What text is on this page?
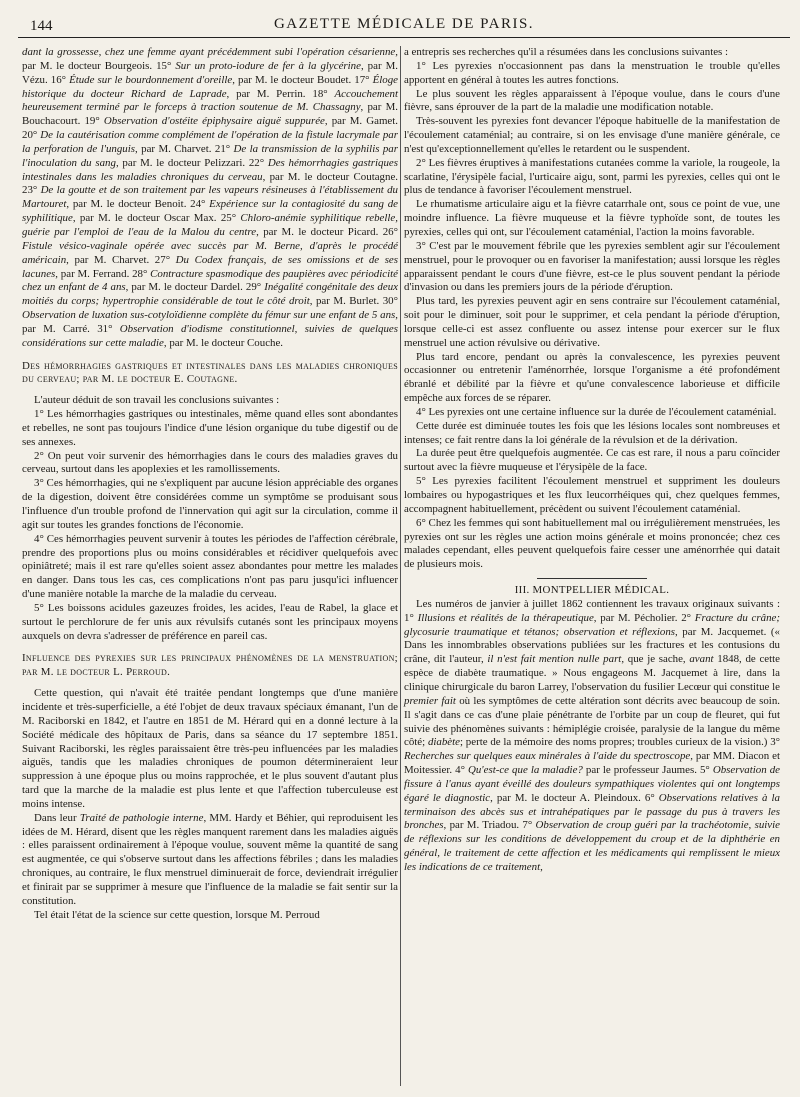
144	GAZETTE MÉDICALE DE PARIS.
dant la grossesse, chez une femme ayant précédemment subi l'opération césarienne, par M. le docteur Bourgeois. 15° Sur un proto-iodure de fer à la glycérine, par M. Vézu. 16° Étude sur le bourdonnement d'oreille, par M. le docteur Boudet. 17° Éloge historique du docteur Richard de Laprade, par M. Perrin. 18° Accouchement heureusement terminé par le forceps à traction soutenue de M. Chassagny, par M. Bouchacourt. 19° Observation d'ostéite épiphysaire aiguë suppurée, par M. Gamet. 20° De la cautérisation comme complément de l'opération de la fistule lacrymale par la perforation de l'unguis, par M. Charvet. 21° De la transmission de la syphilis par l'inoculation du sang, par M. le docteur Pelizzari. 22° Des hémorrhagies gastriques intestinales dans les maladies chroniques du cerveau, par M. le docteur Coutagne. 23° De la goutte et de son traitement par les vapeurs résineuses à l'établissement du Martouret, par M. le docteur Benoit. 24° Expérience sur la contagiosité du sang de syphilitique, par M. le docteur Oscar Max. 25° Chloro-anémie syphilitique rebelle, guérie par l'emploi de l'eau de la Malou du centre, par M. le docteur Picard. 26° Fistule vésico-vaginale opérée avec succès par M. Berne, d'après le procédé américain, par M. Charvet. 27° Du Codex français, de ses omissions et de ses lacunes, par M. Ferrand. 28° Contracture spasmodique des paupières avec périodicité chez un enfant de 4 ans, par M. le docteur Dardel. 29° Inégalité congénitale des deux moitiés du corps; hypertrophie considérable de tout le côté droit, par M. Burlet. 30° Observation de luxation sus-cotyloïdienne complète du fémur sur une enfant de 5 ans, par M. Carré. 31° Observation d'iodisme constitutionnel, suivies de quelques considérations sur cette maladie, par M. le docteur Couche.
Des hémorrhagies gastriques et intestinales dans les maladies chroniques du cerveau; par M. le docteur E. Coutagne.
L'auteur déduit de son travail les conclusions suivantes :
1° Les hémorrhagies gastriques ou intestinales, même quand elles sont abondantes et rebelles, ne sont pas toujours l'indice d'une lésion organique du tube digestif ou de ses annexes.
2° On peut voir survenir des hémorrhagies dans le cours des maladies graves du cerveau, surtout dans les apoplexies et les ramollissements.
3° Ces hémorrhagies, qui ne s'expliquent par aucune lésion appréciable des organes de la digestion, doivent être considérées comme un symptôme se produisant sous l'influence d'un trouble profond de l'innervation qui agit sur la circulation, comme il agit sur toutes les grandes fonctions de l'économie.
4° Ces hémorrhagies peuvent survenir à toutes les périodes de l'affection cérébrale, prendre des proportions plus ou moins considérables et récidiver quelquefois avec opiniâtreté; mais il est rare qu'elles soient assez abondantes pour mettre les malades en danger. Dans tous les cas, ces complications n'ont pas paru jusqu'ici influencer d'une manière notable la marche de la maladie du cerveau.
5° Les boissons acidules gazeuzes froides, les acides, l'eau de Rabel, la glace et surtout le perchlorure de fer unis aux révulsifs cutanés sont les principaux moyens auxquels on devra s'adresser de préférence en pareil cas.
Influence des pyrexies sur les principaux phénomènes de la menstruation; par M. le docteur L. Perroud.
Cette question, qui n'avait été traitée pendant longtemps que d'une manière incidente et très-superficielle, a été l'objet de deux travaux spéciaux émanant, l'un de M. Raciborski en 1842, et l'autre en 1851 de M. Hérard qui en a donné lecture à la Société médicale des hôpitaux de Paris, dans sa séance du 17 septembre 1851. Suivant Raciborski, les règles paraissaient être très-peu influencées par les maladies aiguës, tandis que les maladies chroniques de poumon détermineraient leur suppression à une époque plus ou moins rapprochée, et le plus souvent d'autant plus tard que la marche de la maladie est plus lente et que l'affection tuberculeuse est moins intense.
Dans leur Traité de pathologie interne, MM. Hardy et Béhier, qui reproduisent les idées de M. Hérard, disent que les règles manquent rarement dans les maladies aiguës : elles paraissent ordinairement à l'époque voulue, souvent même la quantité de sang est augmentée, ce qui s'observe surtout dans les affections fébriles ; dans les maladies chroniques, au contraire, le flux menstruel diminuerait de force, deviendrait irrégulier et finirait par se supprimer à mesure que l'influence de la maladie se fait sentir sur la constitution.
Tel était l'état de la science sur cette question, lorsque M. Perroud
a entrepris ses recherches qu'il a résumées dans les conclusions suivantes :
1° Les pyrexies n'occasionnent pas dans la menstruation le trouble qu'elles apportent en général à toutes les autres fonctions.
Le plus souvent les règles apparaissent à l'époque voulue, dans le cours d'une fièvre, sans éprouver de la part de la maladie une modification notable.
Très-souvent les pyrexies font devancer l'époque habituelle de la manifestation de l'écoulement cataménial; au contraire, si on les envisage d'une manière générale, ce n'est qu'exceptionnellement qu'elles le retardent ou le suspendent.
2° Les fièvres éruptives à manifestations cutanées comme la variole, la rougeole, la scarlatine, l'érysipèle facial, l'urticaire aigu, sont, parmi les pyrexies, celles qui ont le plus de tendance à favoriser l'écoulement menstruel.
Le rhumatisme articulaire aigu et la fièvre catarrhale ont, sous ce point de vue, une moindre influence. La fièvre muqueuse et la fièvre typhoïde sont, de toutes les pyrexies, celles qui ont, sur l'écoulement cataménial, l'action la moins favorable.
3° C'est par le mouvement fébrile que les pyrexies semblent agir sur l'écoulement menstruel, pour le provoquer ou en favoriser la manifestation; aussi lorsque les règles apparaissent pendant le cours d'une fièvre, est-ce le plus souvent pendant la période d'invasion ou dans les premiers jours de la période d'éruption.
Plus tard, les pyrexies peuvent agir en sens contraire sur l'écoulement cataménial, soit pour le diminuer, soit pour le supprimer, et cela pendant la période d'éruption, lorsque celle-ci est assez confluente ou assez intense pour exercer sur le flux menstruel une action révulsive ou dérivative.
Plus tard encore, pendant ou après la convalescence, les pyrexies peuvent occasionner ou entretenir l'aménorrhée, lorsque l'organisme a été profondément ébranlé et débilité par la fièvre et qu'une convalescence laborieuse et difficile empêche aux forces de se réparer.
4° Les pyrexies ont une certaine influence sur la durée de l'écoulement cataménial.
Cette durée est diminuée toutes les fois que les lésions locales sont nombreuses et intenses; ce fait rentre dans la loi générale de la révulsion et de la dérivation.
La durée peut être quelquefois augmentée. Ce cas est rare, il nous a paru coïncider surtout avec la fièvre muqueuse et l'érysipèle de la face.
5° Les pyrexies facilitent l'écoulement menstruel et suppriment les douleurs lombaires ou hypogastriques et les flux leucorrhéiques qui, chez quelques femmes, accompagnent habituellement, précèdent ou suivent l'écoulement cataménial.
6° Chez les femmes qui sont habituellement mal ou irrégulièrement menstruées, les pyrexies ont sur les règles une action moins générale et moins prononcée; chez ces malades cependant, elles peuvent quelquefois faire cesser une aménorrhée qui datait de plusieurs mois.
III. MONTPELLIER MÉDICAL.
Les numéros de janvier à juillet 1862 contiennent les travaux originaux suivants : 1° Illusions et réalités de la thérapeutique, par M. Pécholier. 2° Fracture du crâne; glycosurie traumatique et tétanos; observation et réflexions, par M. Jacquemet. (« Dans les innombrables observations publiées sur les fractures et les contusions du crâne, dit l'auteur, il n'est fait mention nulle part, que je sache, avant 1848, de cette espèce de diabète traumatique. » Nous engageons M. Jacquemet à lire, dans la clinique chirurgicale du baron Larrey, l'observation du fusilier Lecœur qui constitue le premier fait où les symptômes de cette altération sont décrits avec beaucoup de soin. Il s'agit dans ce cas d'une plaie pénétrante de l'orbite par un coup de fleuret, qui fut suivie des phénomènes suivants : hémiplégie croisée, paralysie de la langue du même côté; diabète; perte de la mémoire des noms propres; troubles curieux de la vision.) 3° Recherches sur quelques eaux minérales à l'aide du spectroscope, par MM. Diacon et Moitessier. 4° Qu'est-ce que la maladie? par le professeur Jaumes. 5° Observation de fissure à l'anus ayant éveillé des douleurs sympathiques violentes qui ont longtemps égaré le diagnostic, par M. le docteur A. Pleindoux. 6° Observations relatives à la terminaison des abcès sus et intrahépatiques par le passage du pus à travers les bronches, par M. Triadou. 7° Observation de croup guéri par la trachéotomie, suivie de réflexions sur les conditions de développement du croup et de la diphthérie en général, le traitement de cette affection et les médicaments qui remplissent le mieux les indications de ce traitement,
